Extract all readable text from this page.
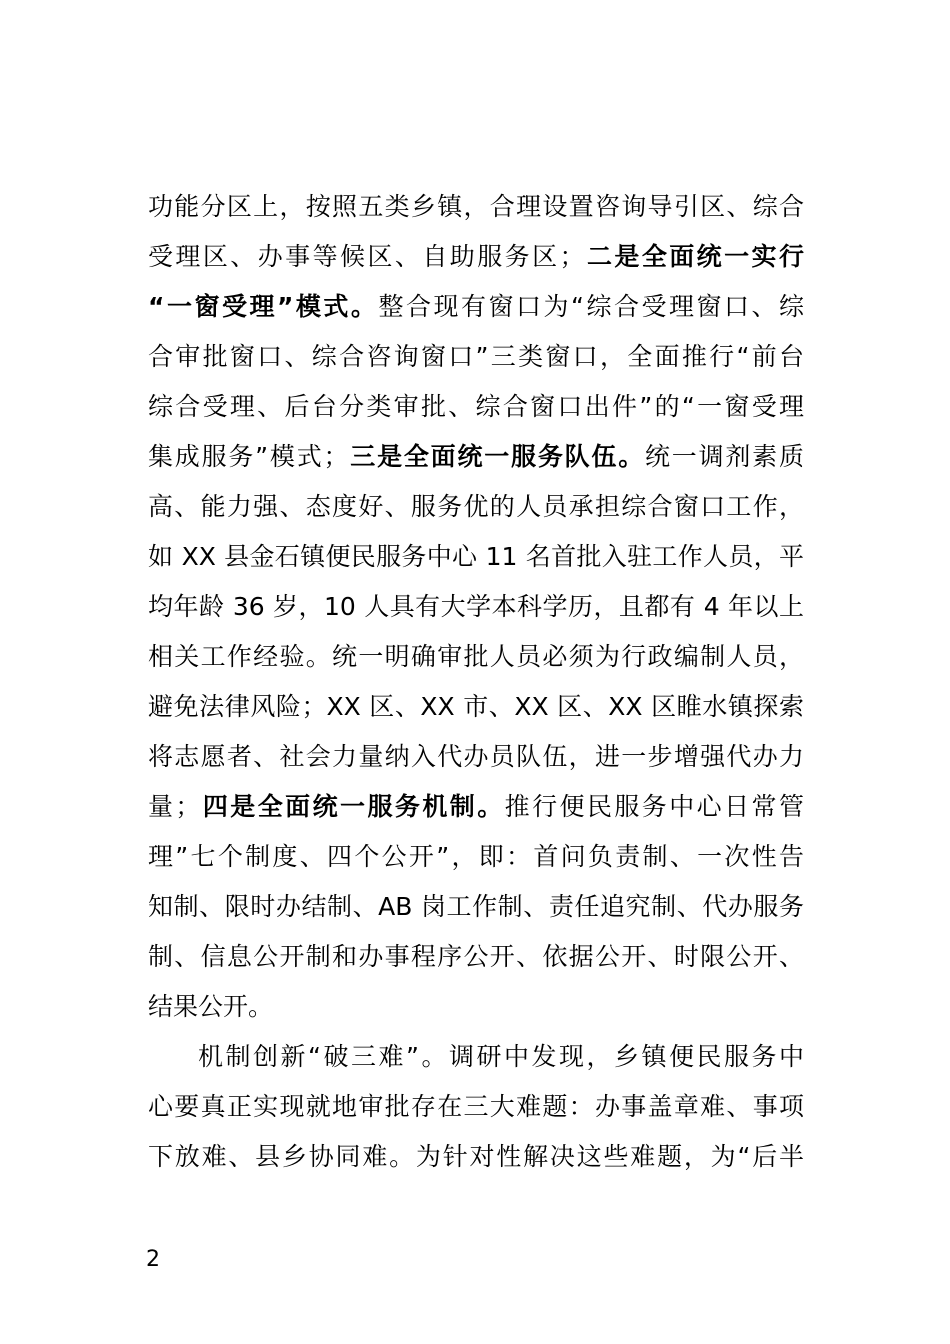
功能分区上，按照五类乡镇，合理设置咨询导引区、综合
受理区、办事等候区、自助服务区；二是全面统一实行
“一窗受理”模式。整合现有窗口为“综合受理窗口、综
合审批窗口、综合咨询窗口”三类窗口，全面推行“前台
综合受理、后台分类审批、综合窗口出件”的“一窗受理
集成服务”模式；三是全面统一服务队伍。统一调剂素质
高、能力强、态度好、服务优的人员承担综合窗口工作，
如 XX 县金石镇便民服务中心 11 名首批入驻工作人员，平
均年龄 36 岁，10 人具有大学本科学历，且都有 4 年以上
相关工作经验。统一明确审批人员必须为行政编制人员，
避免法律风险；XX 区、XX 市、XX 区、XX 区睢水镇探索
将志愿者、社会力量纳入代办员队伍，进一步增强代办力
量；四是全面统一服务机制。推行便民服务中心日常管
理”七个制度、四个公开”，即：首问负责制、一次性告
知制、限时办结制、AB 岗工作制、责任追究制、代办服务
制、信息公开制和办事程序公开、依据公开、时限公开、
结果公开。
机制创新“破三难”。调研中发现，乡镇便民服务中
心要真正实现就地审批存在三大难题：办事盖章难、事项
下放难、县乡协同难。为针对性解决这些难题，为“后半
2
